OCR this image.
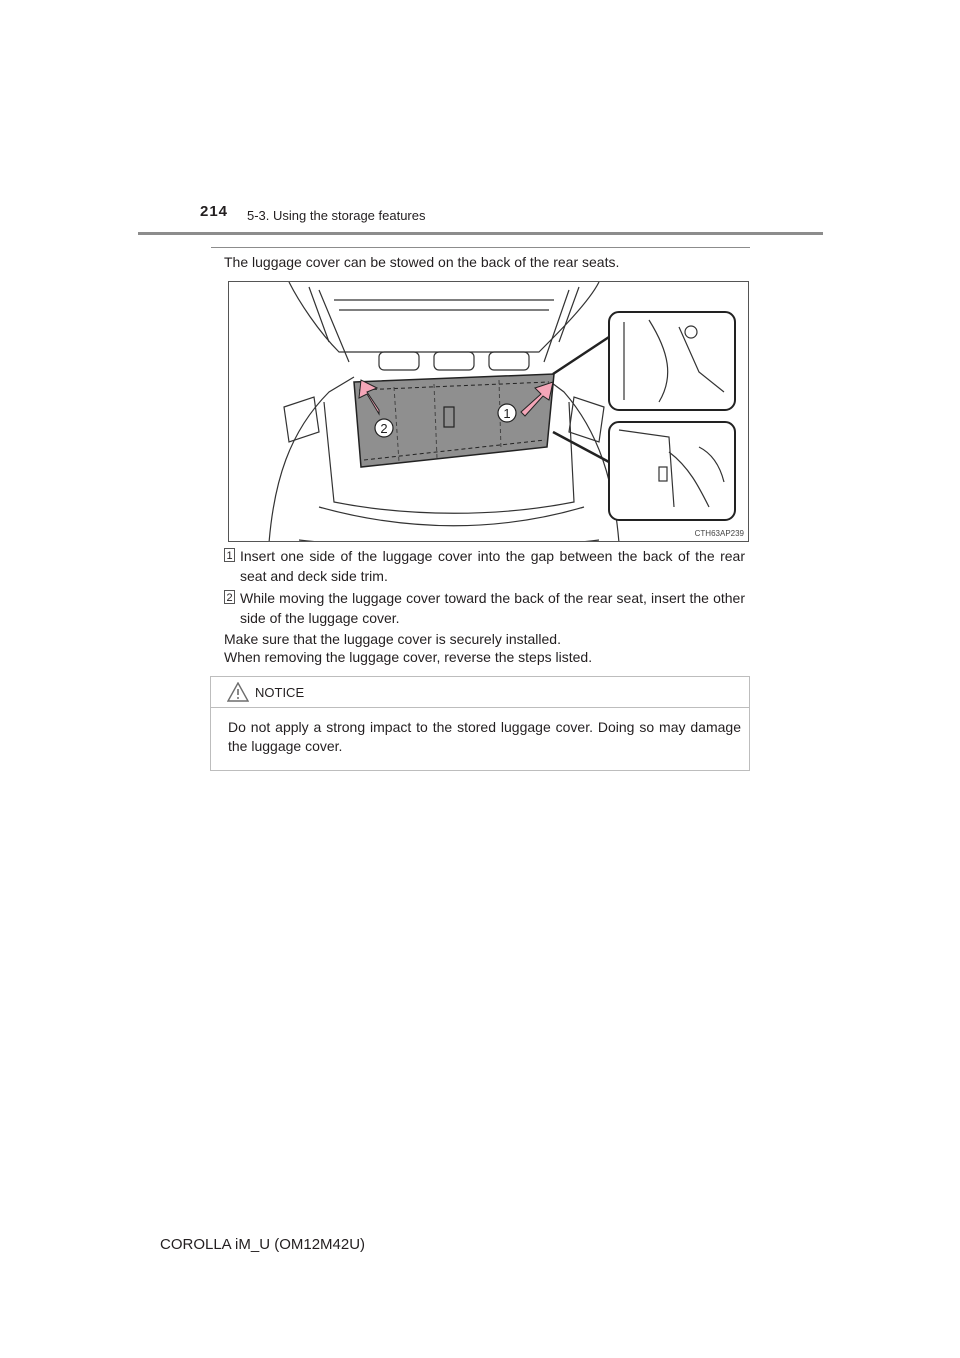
214 5-3. Using the storage features
The luggage cover can be stowed on the back of the rear seats.
1
2
CTH63AP239
1 Insert one side of the luggage cover into the gap between the back of the rear seat and deck side trim.
2 While moving the luggage cover toward the back of the rear seat, insert the other side of the luggage cover.
Make sure that the luggage cover is securely installed.
When removing the luggage cover, reverse the steps listed.
NOTICE
Do not apply a strong impact to the stored luggage cover. Doing so may damage the luggage cover.
COROLLA iM_U (OM12M42U)
